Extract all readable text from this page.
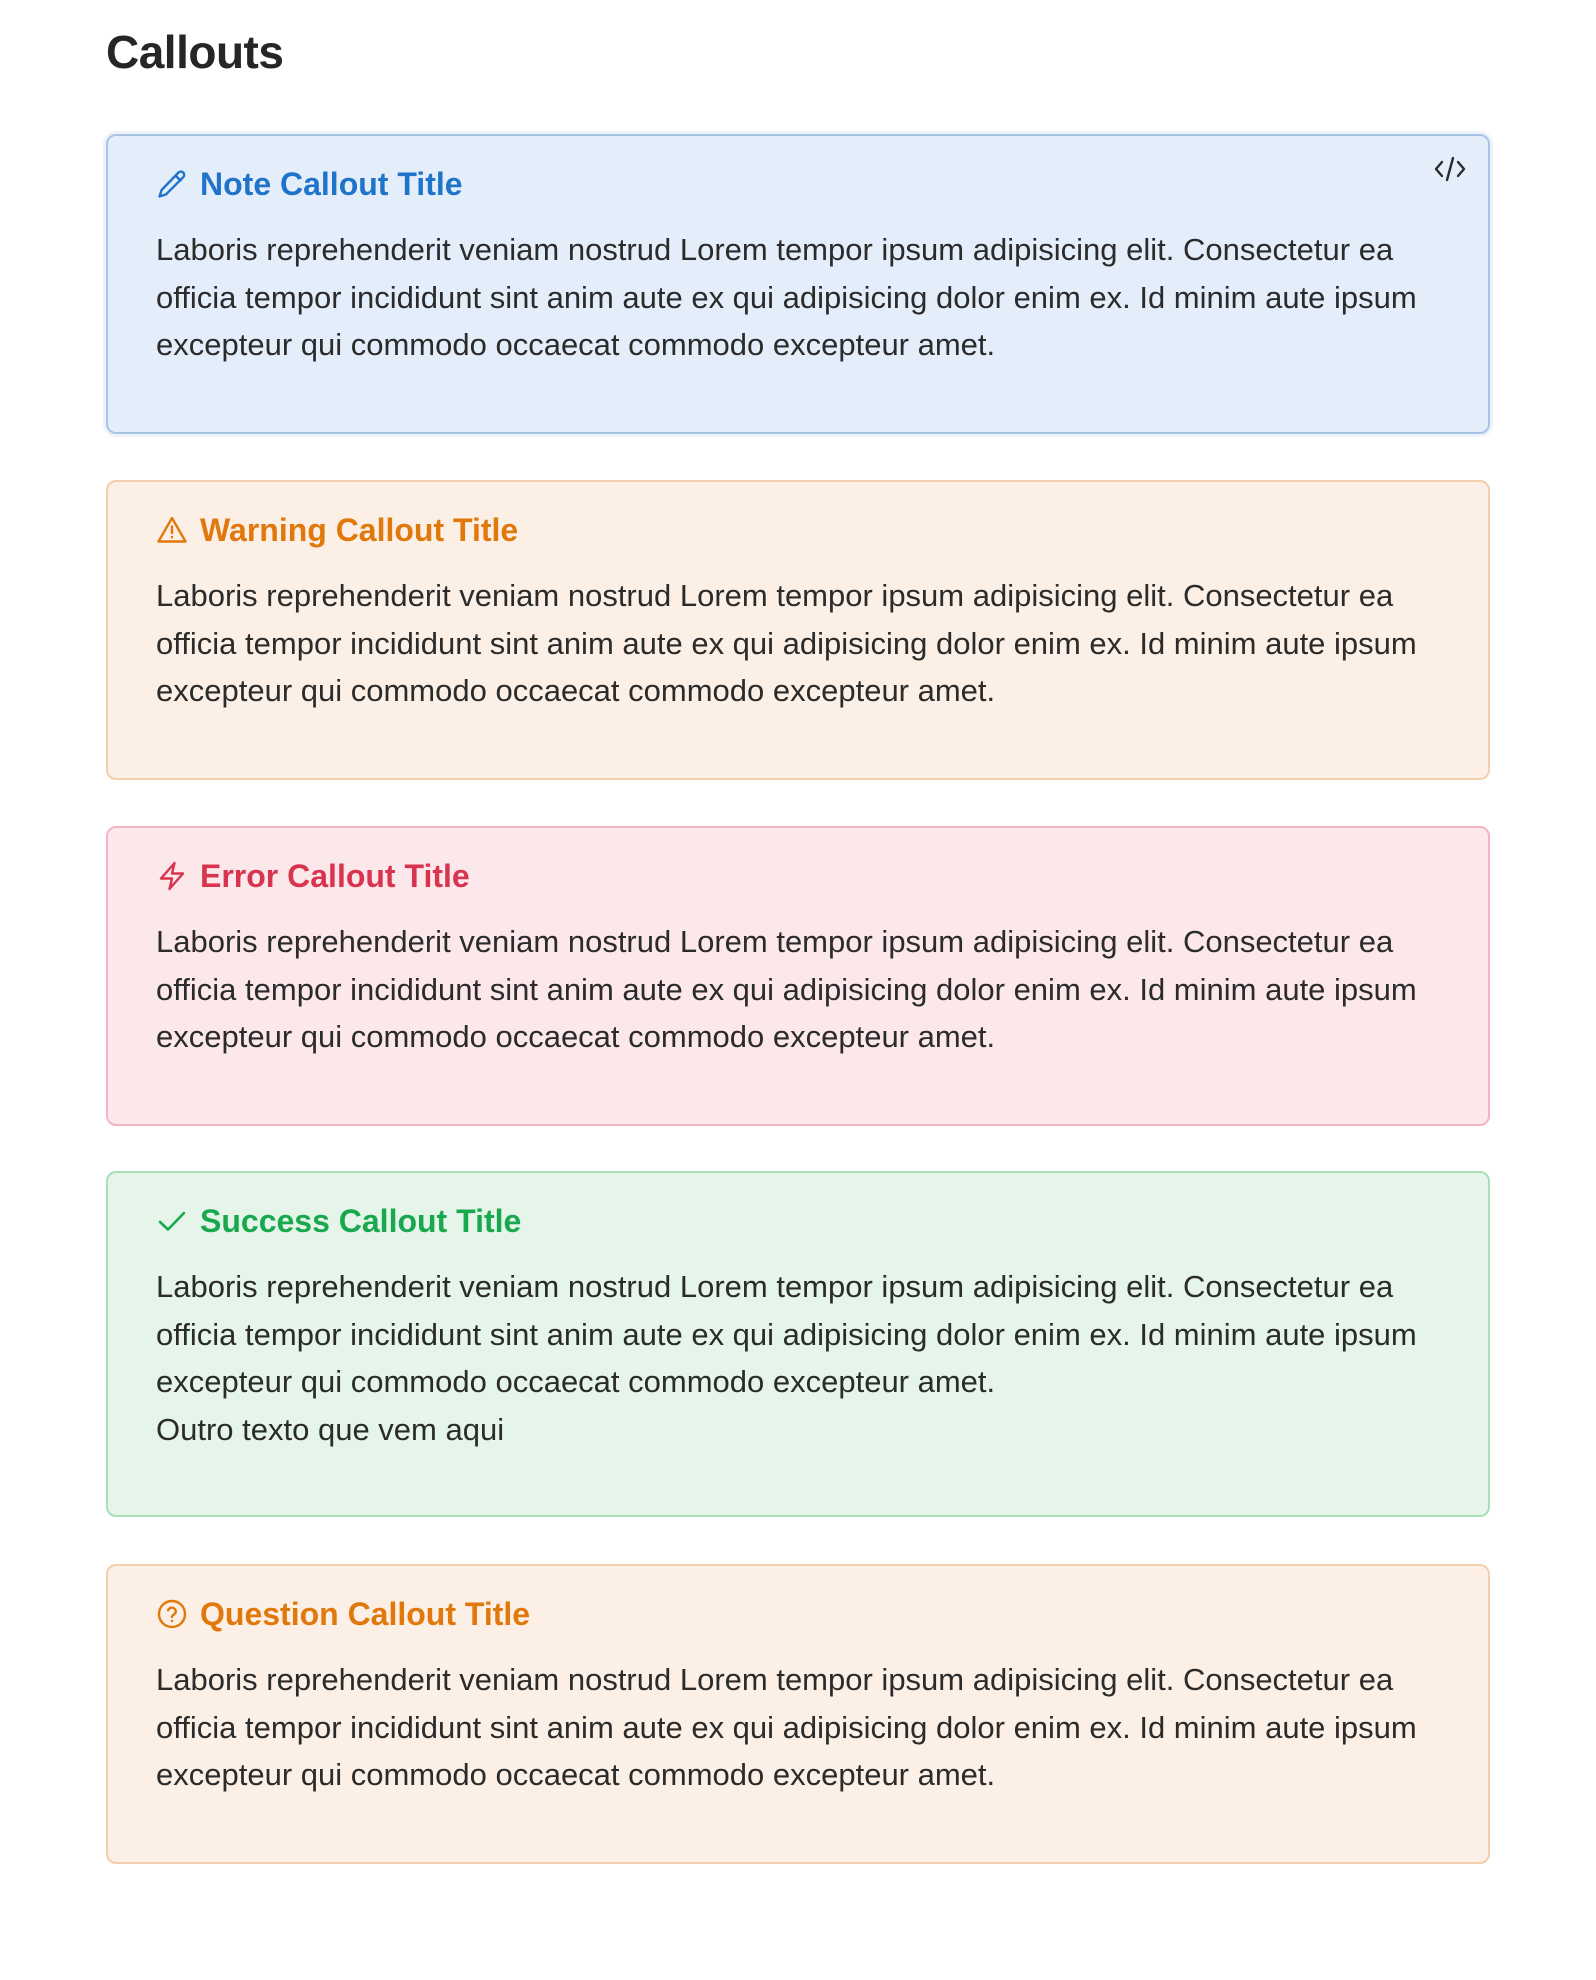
Callouts
Note Callout Title

Laboris reprehenderit veniam nostrud Lorem tempor ipsum adipisicing elit. Consectetur ea officia tempor incididunt sint anim aute ex qui adipisicing dolor enim ex. Id minim aute ipsum excepteur qui commodo occaecat commodo excepteur amet.

Warning Callout Title

Laboris reprehenderit veniam nostrud Lorem tempor ipsum adipisicing elit. Consectetur ea officia tempor incididunt sint anim aute ex qui adipisicing dolor enim ex. Id minim aute ipsum excepteur qui commodo occaecat commodo excepteur amet.

Error Callout Title

Laboris reprehenderit veniam nostrud Lorem tempor ipsum adipisicing elit. Consectetur ea officia tempor incididunt sint anim aute ex qui adipisicing dolor enim ex. Id minim aute ipsum excepteur qui commodo occaecat commodo excepteur amet.

Success Callout Title

Laboris reprehenderit veniam nostrud Lorem tempor ipsum adipisicing elit. Consectetur ea officia tempor incididunt sint anim aute ex qui adipisicing dolor enim ex. Id minim aute ipsum excepteur qui commodo occaecat commodo excepteur amet.

Outro texto que vem aqui

Question Callout Title

Laboris reprehenderit veniam nostrud Lorem tempor ipsum adipisicing elit. Consectetur ea officia tempor incididunt sint anim aute ex qui adipisicing dolor enim ex. Id minim aute ipsum excepteur qui commodo occaecat commodo excepteur amet.
